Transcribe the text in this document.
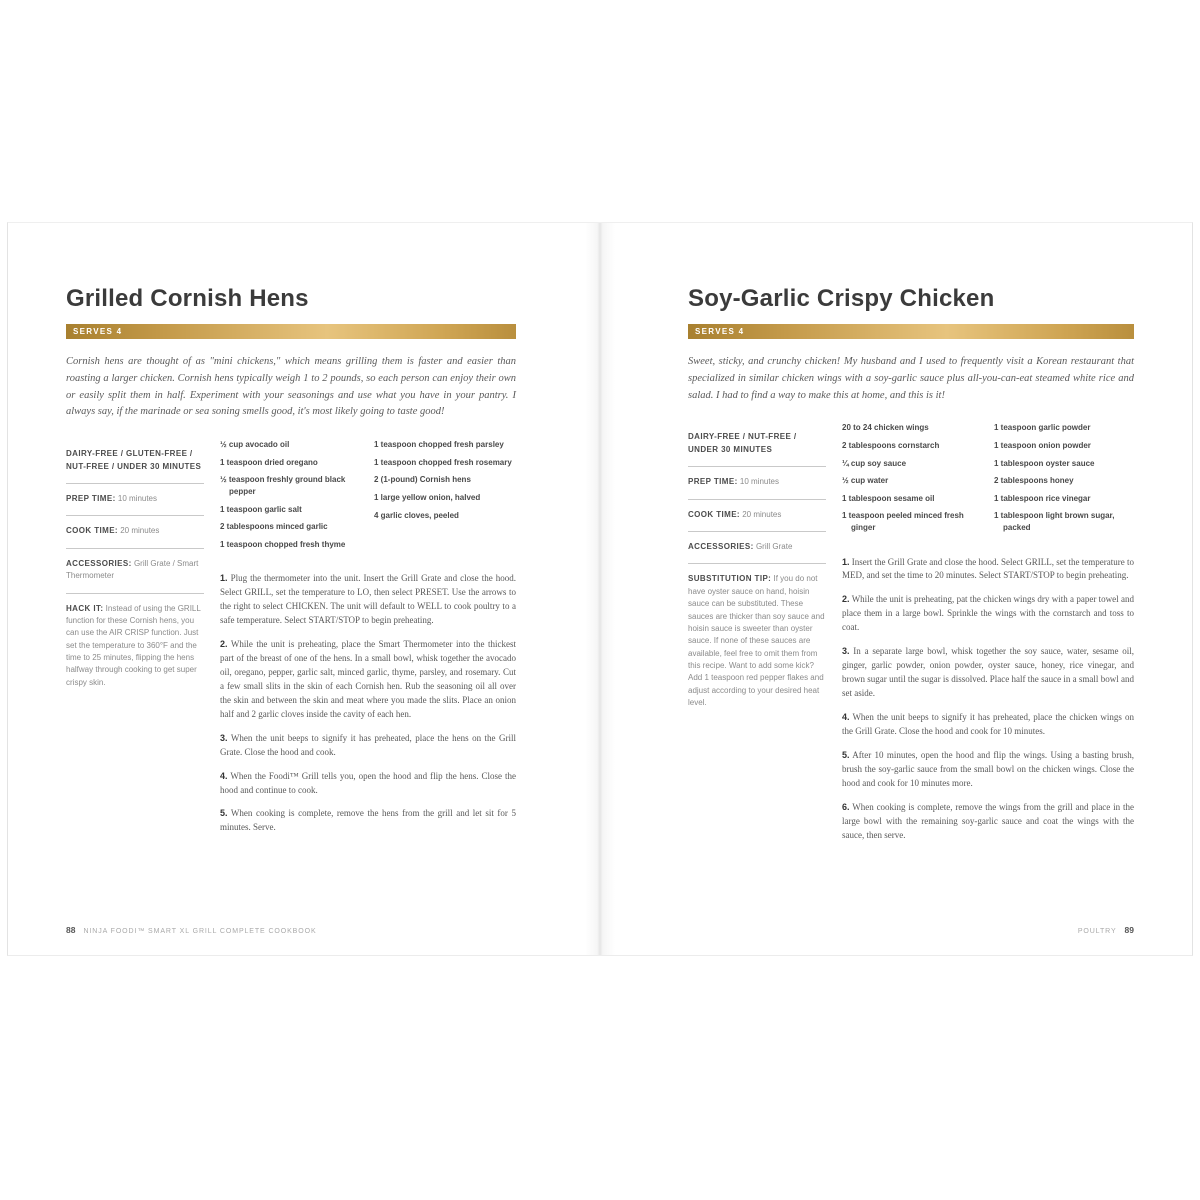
Grilled Cornish Hens
SERVES 4
Cornish hens are thought of as "mini chickens," which means grilling them is faster and easier than roasting a larger chicken. Cornish hens typically weigh 1 to 2 pounds, so each person can enjoy their own or easily split them in half. Experiment with your seasonings and use what you have in your pantry. I always say, if the marinade or sea soning smells good, it's most likely going to taste good!
DAIRY-FREE / GLUTEN-FREE / NUT-FREE / UNDER 30 MINUTES
PREP TIME: 10 minutes
COOK TIME: 20 minutes
ACCESSORIES: Grill Grate / Smart Thermometer
HACK IT: Instead of using the GRILL function for these Cornish hens, you can use the AIR CRISP function. Just set the temperature to 360°F and the time to 25 minutes, flipping the hens halfway through cooking to get super crispy skin.
½ cup avocado oil
1 teaspoon dried oregano
½ teaspoon freshly ground black pepper
1 teaspoon garlic salt
2 tablespoons minced garlic
1 teaspoon chopped fresh thyme
1 teaspoon chopped fresh parsley
1 teaspoon chopped fresh rosemary
2 (1-pound) Cornish hens
1 large yellow onion, halved
4 garlic cloves, peeled
1. Plug the thermometer into the unit. Insert the Grill Grate and close the hood. Select GRILL, set the temperature to LO, then select PRESET. Use the arrows to the right to select CHICKEN. The unit will default to WELL to cook poultry to a safe temperature. Select START/STOP to begin preheating.
2. While the unit is preheating, place the Smart Thermometer into the thickest part of the breast of one of the hens. In a small bowl, whisk together the avocado oil, oregano, pepper, garlic salt, minced garlic, thyme, parsley, and rosemary. Cut a few small slits in the skin of each Cornish hen. Rub the seasoning oil all over the skin and between the skin and meat where you made the slits. Place an onion half and 2 garlic cloves inside the cavity of each hen.
3. When the unit beeps to signify it has preheated, place the hens on the Grill Grate. Close the hood and cook.
4. When the Foodi™ Grill tells you, open the hood and flip the hens. Close the hood and continue to cook.
5. When cooking is complete, remove the hens from the grill and let sit for 5 minutes. Serve.
88 NINJA FOODI™ SMART XL GRILL COMPLETE COOKBOOK
Soy-Garlic Crispy Chicken
SERVES 4
Sweet, sticky, and crunchy chicken! My husband and I used to frequently visit a Korean restaurant that specialized in similar chicken wings with a soy-garlic sauce plus all-you-can-eat steamed white rice and salad. I had to find a way to make this at home, and this is it!
DAIRY-FREE / NUT-FREE / UNDER 30 MINUTES
PREP TIME: 10 minutes
COOK TIME: 20 minutes
ACCESSORIES: Grill Grate
SUBSTITUTION TIP: If you do not have oyster sauce on hand, hoisin sauce can be substituted. These sauces are thicker than soy sauce and hoisin sauce is sweeter than oyster sauce. If none of these sauces are available, feel free to omit them from this recipe. Want to add some kick? Add 1 teaspoon red pepper flakes and adjust according to your desired heat level.
20 to 24 chicken wings
2 tablespoons cornstarch
¼ cup soy sauce
½ cup water
1 tablespoon sesame oil
1 teaspoon peeled minced fresh ginger
1 teaspoon garlic powder
1 teaspoon onion powder
1 tablespoon oyster sauce
2 tablespoons honey
1 tablespoon rice vinegar
1 tablespoon light brown sugar, packed
1. Insert the Grill Grate and close the hood. Select GRILL, set the temperature to MED, and set the time to 20 minutes. Select START/STOP to begin preheating.
2. While the unit is preheating, pat the chicken wings dry with a paper towel and place them in a large bowl. Sprinkle the wings with the cornstarch and toss to coat.
3. In a separate large bowl, whisk together the soy sauce, water, sesame oil, ginger, garlic powder, onion powder, oyster sauce, honey, rice vinegar, and brown sugar until the sugar is dissolved. Place half the sauce in a small bowl and set aside.
4. When the unit beeps to signify it has preheated, place the chicken wings on the Grill Grate. Close the hood and cook for 10 minutes.
5. After 10 minutes, open the hood and flip the wings. Using a basting brush, brush the soy-garlic sauce from the small bowl on the chicken wings. Close the hood and cook for 10 minutes more.
6. When cooking is complete, remove the wings from the grill and place in the large bowl with the remaining soy-garlic sauce and coat the wings with the sauce, then serve.
POULTRY 89
